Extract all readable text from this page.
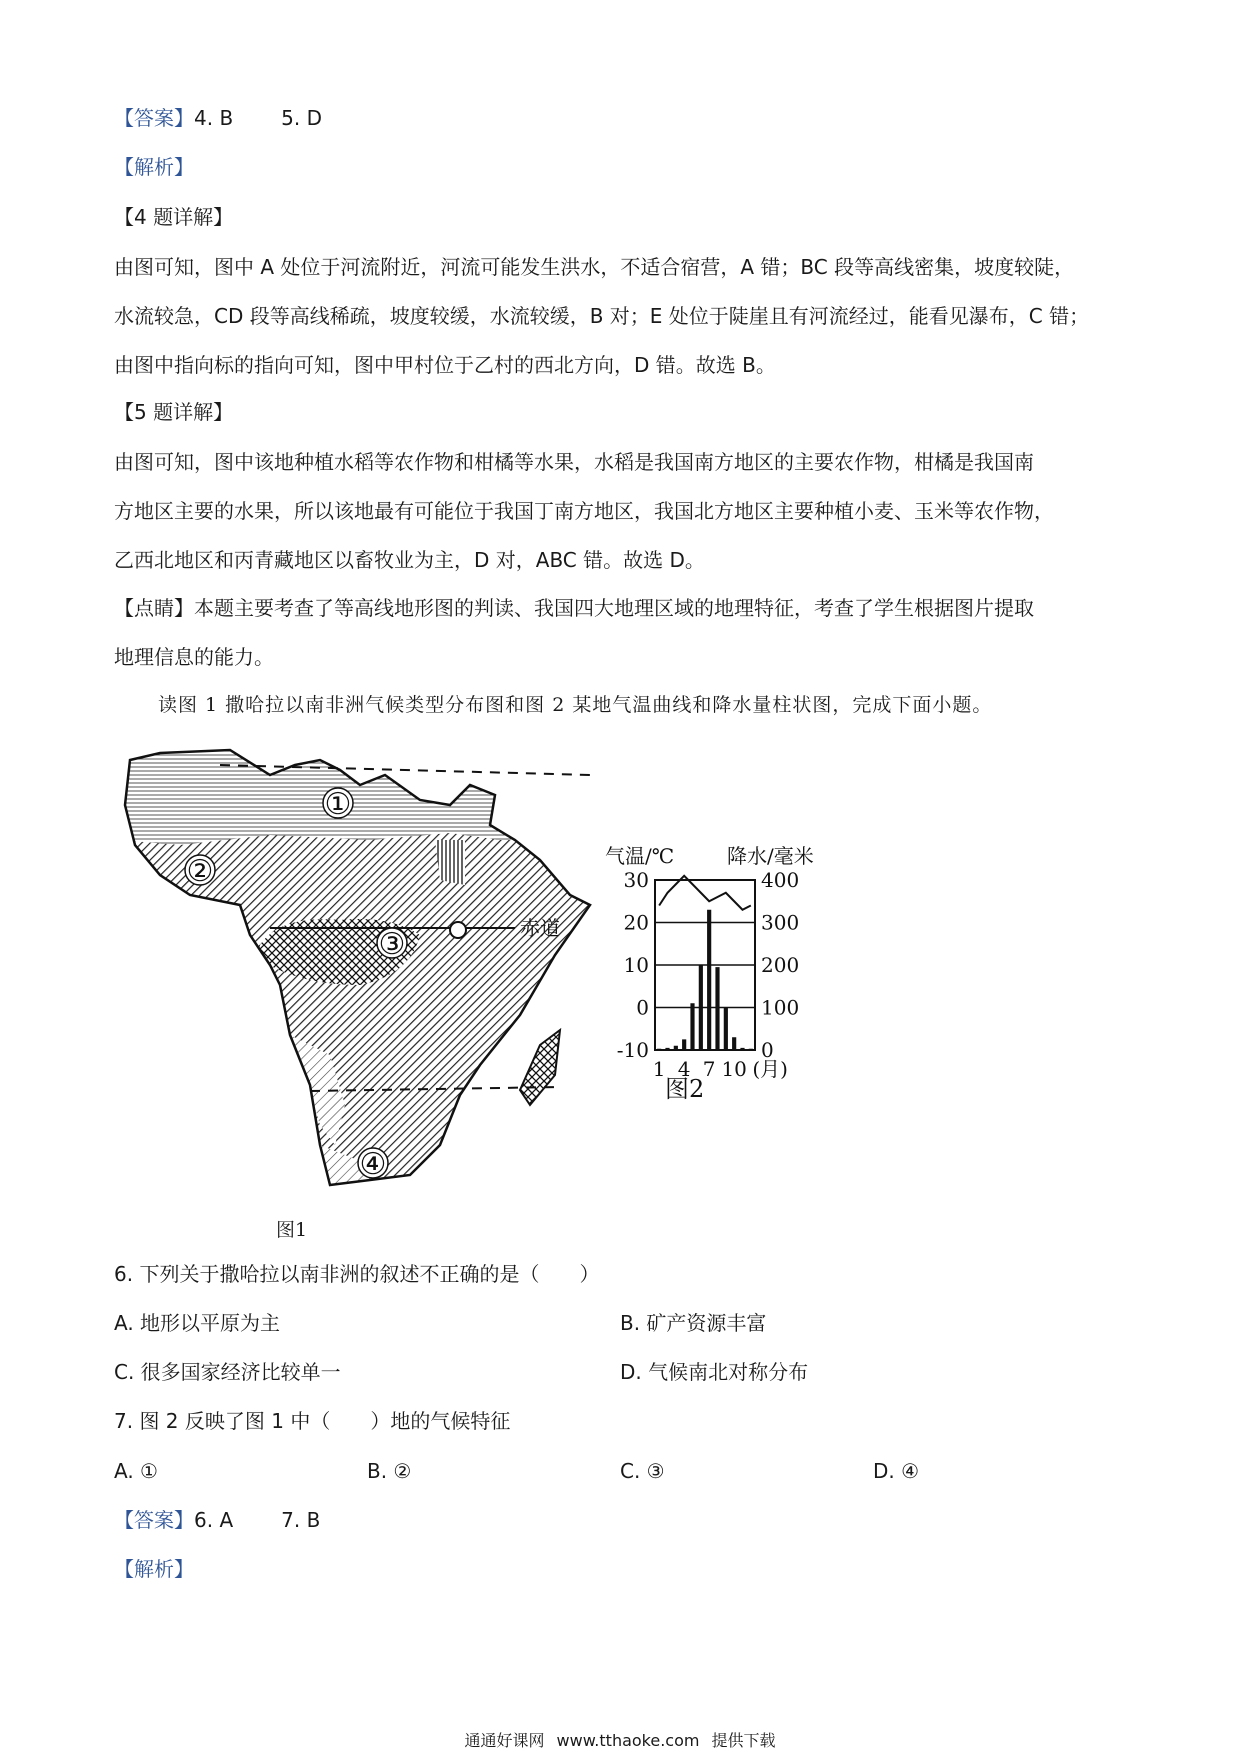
【答案】4. B 5. D
【解析】
【4 题详解】
由图可知，图中 A 处位于河流附近，河流可能发生洪水，不适合宿营，A 错；BC 段等高线密集，坡度较陡，
水流较急，CD 段等高线稀疏，坡度较缓，水流较缓，B 对；E 处位于陡崖且有河流经过，能看见瀑布，C 错；
由图中指向标的指向可知，图中甲村位于乙村的西北方向，D 错。故选 B。
【5 题详解】
由图可知，图中该地种植水稻等农作物和柑橘等水果，水稻是我国南方地区的主要农作物，柑橘是我国南
方地区主要的水果，所以该地最有可能位于我国丁南方地区，我国北方地区主要种植小麦、玉米等农作物，
乙西北地区和丙青藏地区以畜牧业为主，D 对，ABC 错。故选 D。
【点睛】本题主要考查了等高线地形图的判读、我国四大地理区域的地理特征，考查了学生根据图片提取
地理信息的能力。
读图 1 撒哈拉以南非洲气候类型分布图和图 2 某地气温曲线和降水量柱状图，完成下面小题。
赤道
①
②
③
④
图1
气温/℃	降水/毫米
30
20
10
0
-10
400
300
200
100
0
1 4 7 10 (月)
图2
6. 下列关于撒哈拉以南非洲的叙述不正确的是（　　）
A. 地形以平原为主	B. 矿产资源丰富
C. 很多国家经济比较单一	D. 气候南北对称分布
7. 图 2 反映了图 1 中（　　）地的气候特征
A. ①	B. ②	C. ③	D. ④
【答案】6. A 7. B
【解析】
通通好课网 www.tthaoke.com 提供下载
